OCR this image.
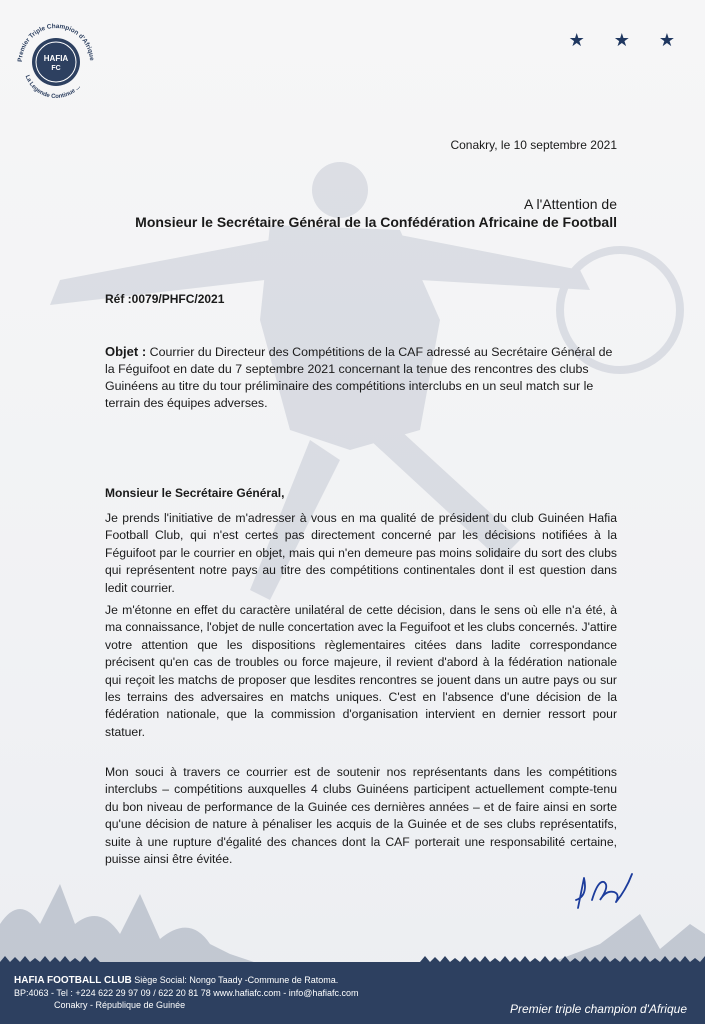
Premier Triple Champion d'Afrique
HAFIA
FC
La Legende Continue ...
★ ★ ★
Conakry, le 10 septembre 2021
A l'Attention de
Monsieur le Secrétaire Général de la Confédération Africaine de Football
Réf :0079/PHFC/2021
Objet : Courrier du Directeur des Compétitions de la CAF adressé au Secrétaire Général de la Féguifoot en date du 7 septembre 2021 concernant la tenue des rencontres des clubs Guinéens au titre du tour préliminaire des compétitions interclubs en un seul match sur le terrain des équipes adverses.
Monsieur le Secrétaire Général,
Je prends l'initiative de m'adresser à vous en ma qualité de président du club Guinéen Hafia Football Club, qui n'est certes pas directement concerné par les décisions notifiées à la Féguifoot par le courrier en objet, mais qui n'en demeure pas moins solidaire du sort des clubs qui représentent notre pays au titre des compétitions continentales dont il est question dans ledit courrier.
Je m'étonne en effet du caractère unilatéral de cette décision, dans le sens où elle n'a été, à ma connaissance, l'objet de nulle concertation avec la Feguifoot et les clubs concernés. J'attire votre attention que les dispositions règlementaires citées dans ladite correspondance précisent qu'en cas de troubles ou force majeure, il revient d'abord à la fédération nationale qui reçoit les matchs de proposer que lesdites rencontres se jouent dans un autre pays ou sur les terrains des adversaires en matchs uniques. C'est en l'absence d'une décision de la fédération nationale, que la commission d'organisation intervient en dernier ressort pour statuer.
Mon souci à travers ce courrier est de soutenir nos représentants dans les compétitions interclubs – compétitions auxquelles 4 clubs Guinéens participent actuellement compte-tenu du bon niveau de performance de la Guinée ces dernières années – et de faire ainsi en sorte qu'une décision de nature à pénaliser les acquis de la Guinée et de ses clubs représentatifs, suite à une rupture d'égalité des chances dont la CAF porterait une responsabilité certaine, puisse ainsi être évitée.
HAFIA FOOTBALL CLUB Siège Social: Nongo Taady -Commune de Ratoma.
BP:4063 - Tel : +224 622 29 97 09 / 622 20 81 78 www.hafiafc.com - info@hafiafc.com
Conakry - République de Guinée	Premier triple champion d'Afrique
